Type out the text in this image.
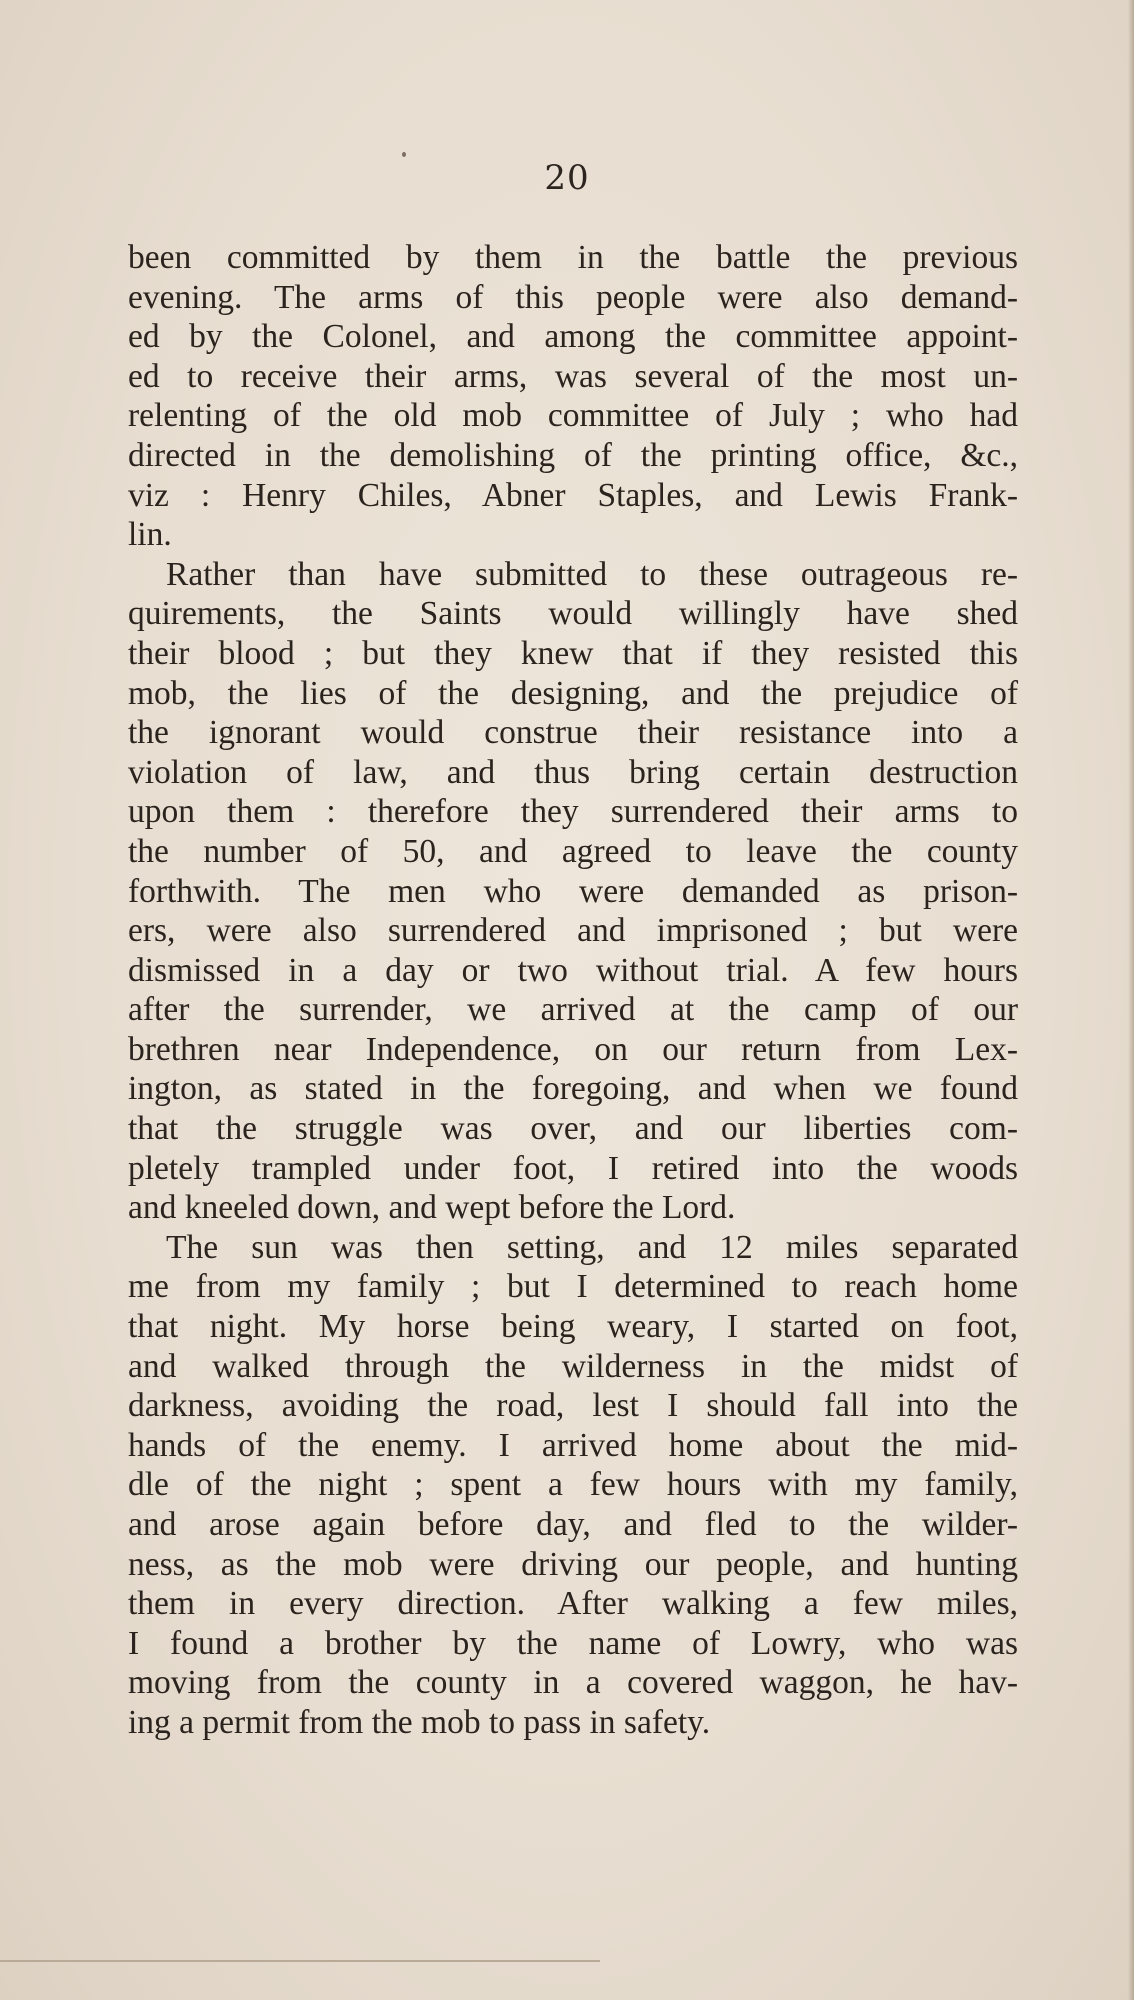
20
been committed by them in the battle the previous
evening. The arms of this people were also demand-
ed by the Colonel, and among the committee appoint-
ed to receive their arms, was several of the most un-
relenting of the old mob committee of July ; who had
directed in the demolishing of the printing office, &c.,
viz : Henry Chiles, Abner Staples, and Lewis Frank-
lin.
Rather than have submitted to these outrageous re-
quirements, the Saints would willingly have shed
their blood ; but they knew that if they resisted this
mob, the lies of the designing, and the prejudice of
the ignorant would construe their resistance into a
violation of law, and thus bring certain destruction
upon them : therefore they surrendered their arms to
the number of 50, and agreed to leave the county
forthwith. The men who were demanded as prison-
ers, were also surrendered and imprisoned ; but were
dismissed in a day or two without trial. A few hours
after the surrender, we arrived at the camp of our
brethren near Independence, on our return from Lex-
ington, as stated in the foregoing, and when we found
that the struggle was over, and our liberties com-
pletely trampled under foot, I retired into the woods
and kneeled down, and wept before the Lord.
The sun was then setting, and 12 miles separated
me from my family ; but I determined to reach home
that night. My horse being weary, I started on foot,
and walked through the wilderness in the midst of
darkness, avoiding the road, lest I should fall into the
hands of the enemy. I arrived home about the mid-
dle of the night ; spent a few hours with my family,
and arose again before day, and fled to the wilder-
ness, as the mob were driving our people, and hunting
them in every direction. After walking a few miles,
I found a brother by the name of Lowry, who was
moving from the county in a covered waggon, he hav-
ing a permit from the mob to pass in safety.
